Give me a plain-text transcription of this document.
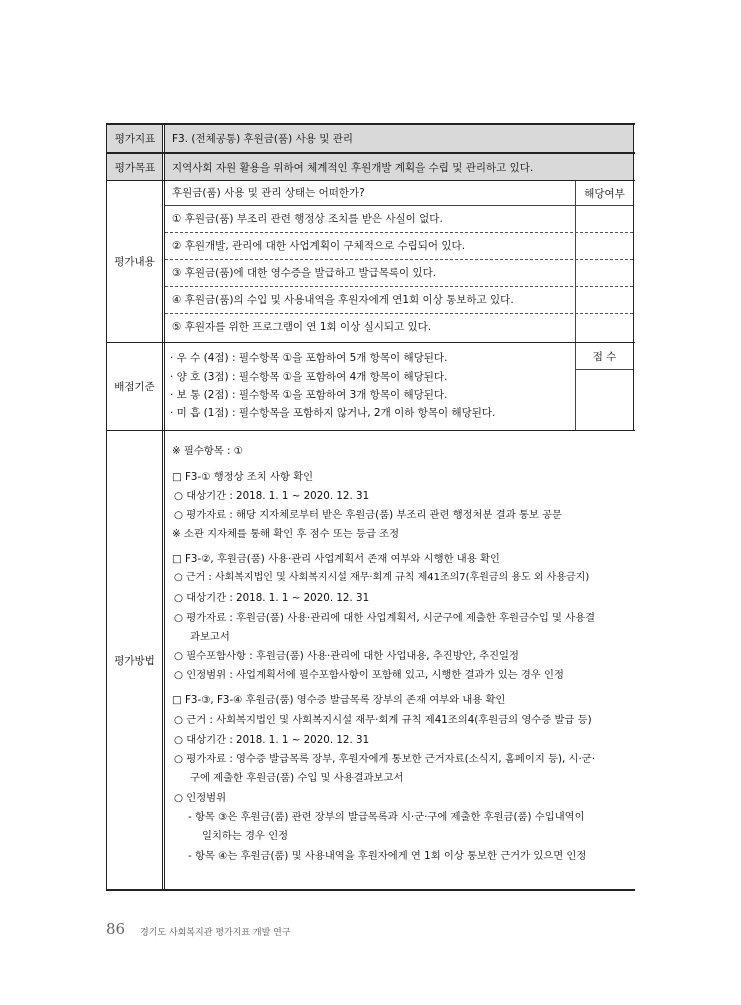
평가지표 F3. (전체공통) 후원금(품) 사용 및 관리
평가목표 지역사회 자원 활용을 위하여 체계적인 후원개발 계획을 수립 및 관리하고 있다.
평가내용
후원금(품) 사용 및 관리 상태는 어떠한가?	해당여부
① 후원금(품) 부조리 관련 행정상 조치를 받은 사실이 없다.
② 후원개발, 관리에 대한 사업계획이 구체적으로 수립되어 있다.
③ 후원금(품)에 대한 영수증을 발급하고 발급목록이 있다.
④ 후원금(품)의 수입 및 사용내역을 후원자에게 연1회 이상 통보하고 있다.
⑤ 후원자를 위한 프로그램이 연 1회 이상 실시되고 있다.
배점기준
점 수
· 우 수 (4점) : 필수항목 ①을 포함하여 5개 항목이 해당된다.
· 양 호 (3점) : 필수항목 ①을 포함하여 4개 항목이 해당된다.
· 보 통 (2점) : 필수항목 ①을 포함하여 3개 항목이 해당된다.
· 미 흡 (1점) : 필수항목을 포함하지 않거나, 2개 이하 항목이 해당된다.
평가방법
※ 필수항목 : ①
□ F3-① 행정상 조치 사항 확인
○ 대상기간 : 2018. 1. 1 ~ 2020. 12. 31
○ 평가자료 : 해당 지자체로부터 받은 후원금(품) 부조리 관련 행정처분 결과 통보 공문
※ 소관 지자체를 통해 확인 후 점수 또는 등급 조정
□ F3-②, 후원금(품) 사용·관리 사업계획서 존재 여부와 시행한 내용 확인
○ 근거 : 사회복지법인 및 사회복지시설 재무·회계 규칙 제41조의7(후원금의 용도 외 사용금지)
○ 대상기간 : 2018. 1. 1 ~ 2020. 12. 31
○ 평가자료 : 후원금(품) 사용·관리에 대한 사업계획서, 시군구에 제출한 후원금수입 및 사용결
과보고서
○ 필수포함사항 : 후원금(품) 사용·관리에 대한 사업내용, 추진방안, 추진일정
○ 인정범위 : 사업계획서에 필수포함사항이 포함해 있고, 시행한 결과가 있는 경우 인정
□ F3-③, F3-④ 후원금(품) 영수증 발급목록 장부의 존재 여부와 내용 확인
○ 근거 : 사회복지법인 및 사회복지시설 재무·회계 규칙 제41조의4(후원금의 영수증 발급 등)
○ 대상기간 : 2018. 1. 1 ~ 2020. 12. 31
○ 평가자료 : 영수증 발급목록 장부, 후원자에게 통보한 근거자료(소식지, 홈페이지 등), 시·군·
구에 제출한 후원금(품) 수입 및 사용결과보고서
○ 인정범위
- 항목 ③은 후원금(품) 관련 장부의 발급목록과 시·군·구에 제출한 후원금(품) 수입내역이
일치하는 경우 인정
- 항목 ④는 후원금(품) 및 사용내역을 후원자에게 연 1회 이상 통보한 근거가 있으면 인정
86 경기도 사회복지관 평가지표 개발 연구
